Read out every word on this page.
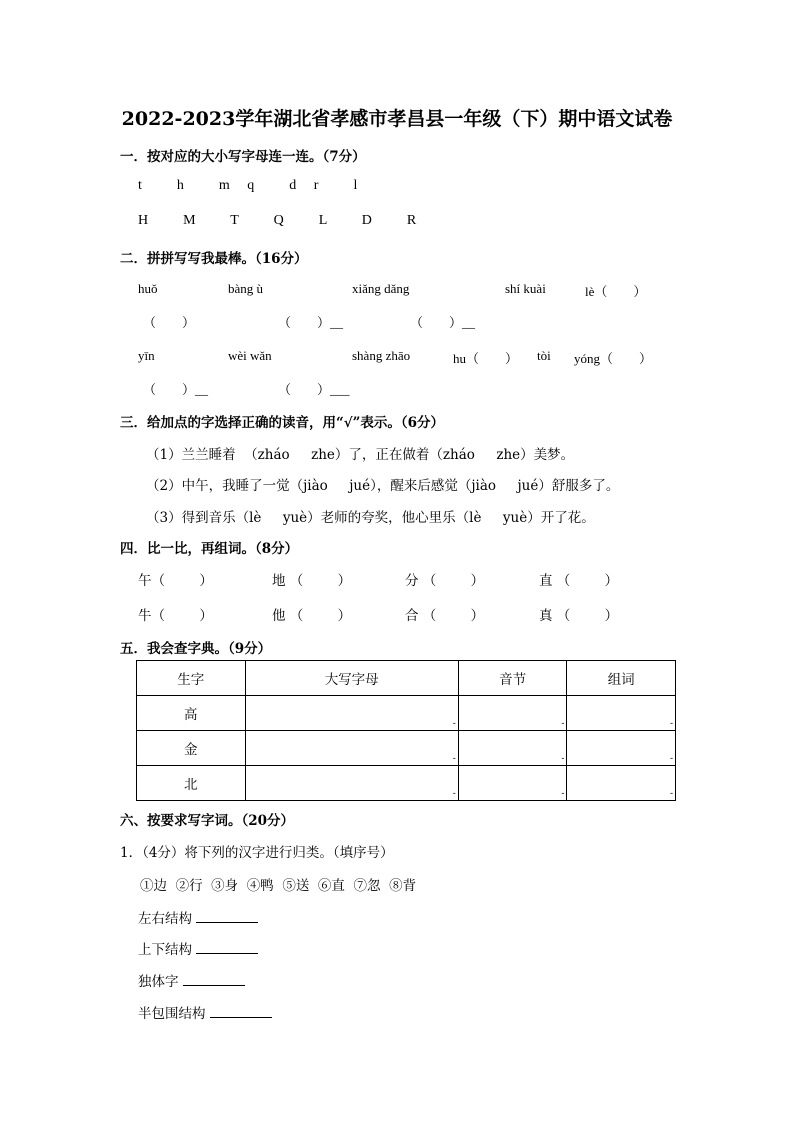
2022-2023学年湖北省孝感市孝昌县一年级（下）期中语文试卷
一．按对应的大小写字母连一连。（7分）
t  h  m q  d r  l
H  M  T  Q  L  D  R
二．拼拼写写我最棒。（16分）
huǒ	bàng ù	xiǎng dǎng	shí kuài	lè（        ）
（        ）	（        ）__	（        ）__
yīn	wèi wǎn	shàng zhāo	hu（        ） tòi yóng（        ）
（        ）__	（        ）___
三．给加点的字选择正确的读音，用“√”表示。（6分）
（1）兰兰睡着  （zháo     zhe）了，正在做着（zháo     zhe）美梦。
（2）中午，我睡了一觉（jiào     jué），醒来后感觉（jiào     jué）舒服多了。
（3）得到音乐（lè     yuè）老师的夸奖，他心里乐（lè     yuè）开了花。
四．比一比，再组词。（8分）
午（        ）	地 （        ）	分 （        ）	直 （        ）
牛（        ）	他 （        ）	合 （        ）	真 （        ）
五．我会查字典。（9分）
生字	大写字母	音节	组词
高	-	-	-
金	-	-	-
北	-	-	-
六、按要求写字词。（20分）
1．（4分）将下列的汉字进行归类。（填序号）
①边  ②行  ③身  ④鸭  ⑤送  ⑥直  ⑦忽  ⑧背
左右结构
上下结构
独体字
半包围结构
